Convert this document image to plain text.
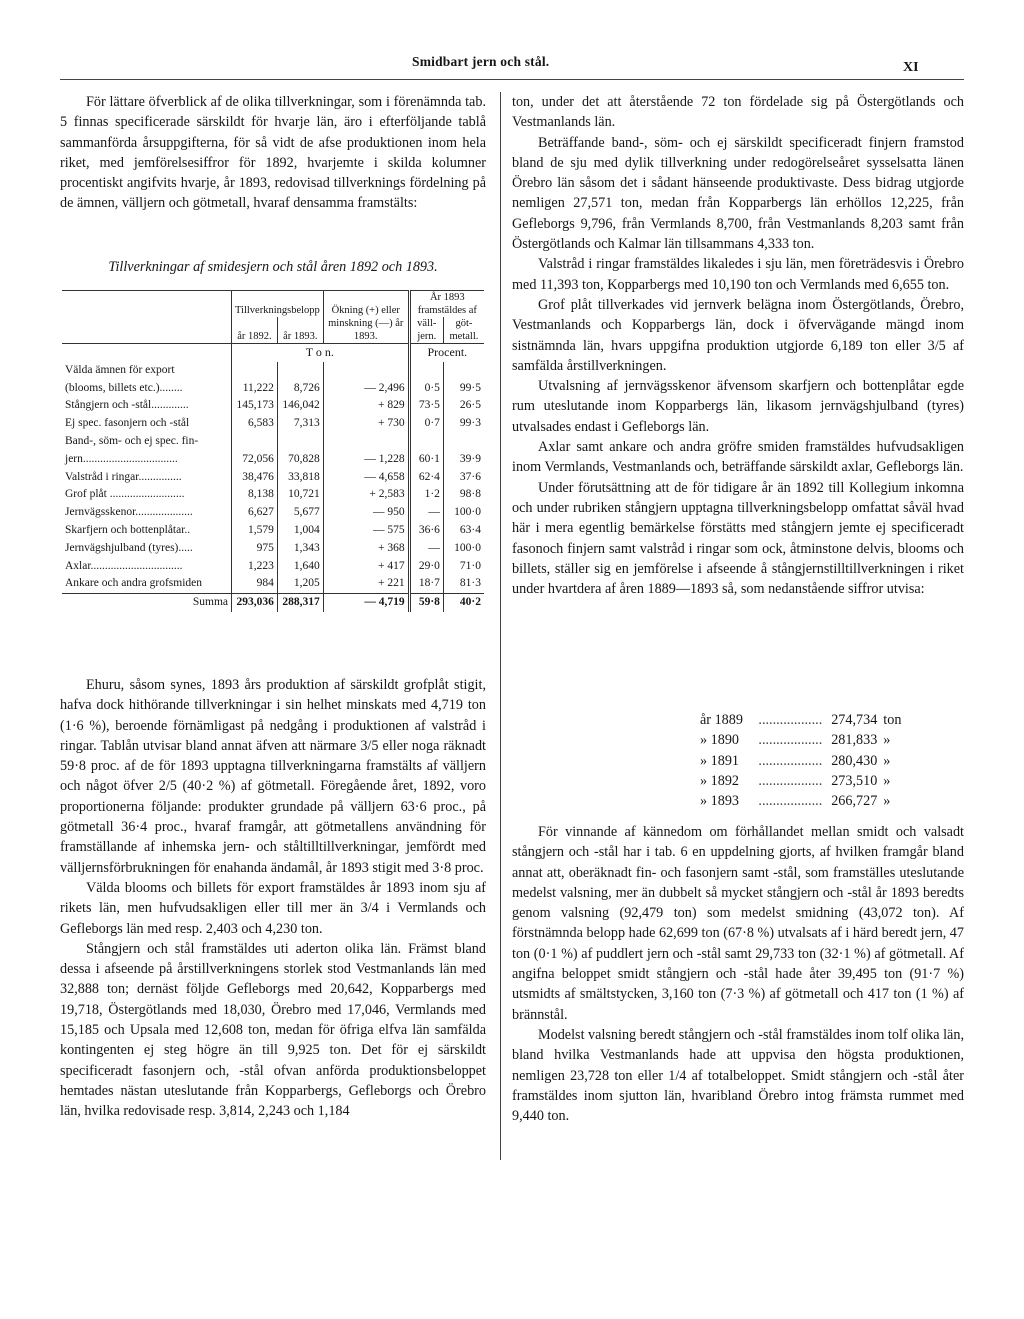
Smidbart jern och stål.	XI

För lättare öfverblick af de olika tillverkningar, som i förenämnda tab. 5 finnas specificerade särskildt för hvarje län, äro i efterföljande tablå sammanförda årsuppgifterna, för så vidt de afse produktionen inom hela riket, med jemförelsesiffror för 1892, hvarjemte i skilda kolumner procentiskt angifvits hvarje, år 1893, redovisad tillverknings fördelning på de ämnen, välljern och götmetall, hvaraf densamma framstälts:

Tillverkningar af smidesjern och stål åren 1892 och 1893.
	Tillverkningsbelopp		Ökning (+) eller minskning (—) år 1893.	År 1893 framstäldes af	
	år 1892.	år 1893.		väll-jern.	göt-metall.
	T o n.			Procent.	
Välda ämnen för export					
(blooms, billets etc.)........	11,222	8,726	— 2,496	0·5	99·5
Stångjern och -stål.............	145,173	146,042	+ 829	73·5	26·5
Ej spec. fasonjern och -stål	6,583	7,313	+ 730	0·7	99·3
Band-, söm- och ej spec. fin-					
jern.................................	72,056	70,828	— 1,228	60·1	39·9
Valstråd i ringar...............	38,476	33,818	— 4,658	62·4	37·6
Grof plåt ..........................	8,138	10,721	+ 2,583	1·2	98·8
Jernvägsskenor....................	6,627	5,677	— 950	—	100·0
Skarfjern och bottenplåtar..	1,579	1,004	— 575	36·6	63·4
Jernvägshjulband (tyres).....	975	1,343	+ 368	—	100·0
Axlar................................	1,223	1,640	+ 417	29·0	71·0
Ankare och andra grofsmiden	984	1,205	+ 221	18·7	81·3
Summa	293,036	288,317	— 4,719	59·8	40·2

Ehuru, såsom synes, 1893 års produktion af särskildt grofplåt stigit, hafva dock hithörande tillverkningar i sin helhet minskats med 4,719 ton (1·6 %), beroende förnämligast på nedgång i produktionen af valstråd i ringar. Tablån utvisar bland annat äfven att närmare 3/5 eller noga räknadt 59·8 proc. af de för 1893 upptagna tillverkningarna framstälts af välljern och något öfver 2/5 (40·2 %) af götmetall. Föregående året, 1892, voro proportionerna följande: produkter grundade på välljern 63·6 proc., på götmetall 36·4 proc., hvaraf framgår, att götmetallens användning för framställande af inhemska jern- och ståltilltillverkningar, jemfördt med välljernsförbrukningen för enahanda ändamål, år 1893 stigit med 3·8 proc.

Välda blooms och billets för export framstäldes år 1893 inom sju af rikets län, men hufvudsakligen eller till mer än 3/4 i Vermlands och Gefleborgs län med resp. 2,403 och 4,230 ton.

Stångjern och stål framstäldes uti aderton olika län. Främst bland dessa i afseende på årstillverkningens storlek stod Vestmanlands län med 32,888 ton; dernäst följde Gefleborgs med 20,642, Kopparbergs med 19,718, Östergötlands med 18,030, Örebro med 17,046, Vermlands med 15,185 och Upsala med 12,608 ton, medan för öfriga elfva län samfälda kontingenten ej steg högre än till 9,925 ton. Det för ej särskildt specificeradt fasonjern och, -stål ofvan anförda produktionsbeloppet hemtades nästan uteslutande från Kopparbergs, Gefleborgs och Örebro län, hvilka redovisade resp. 3,814, 2,243 och 1,184

ton, under det att återstående 72 ton fördelade sig på Östergötlands och Vestmanlands län.

Beträffande band-, söm- och ej särskildt specificeradt finjern framstod bland de sju med dylik tillverkning under redogörelseåret sysselsatta länen Örebro län såsom det i sådant hänseende produktivaste. Dess bidrag utgjorde nemligen 27,571 ton, medan från Kopparbergs län erhöllos 12,225, från Gefleborgs 9,796, från Vermlands 8,700, från Vestmanlands 8,203 samt från Östergötlands och Kalmar län tillsammans 4,333 ton.

Valstråd i ringar framstäldes likaledes i sju län, men företrädesvis i Örebro med 11,393 ton, Kopparbergs med 10,190 ton och Vermlands med 6,655 ton.

Grof plåt tillverkades vid jernverk belägna inom Östergötlands, Örebro, Vestmanlands och Kopparbergs län, dock i öfvervägande mängd inom sistnämnda län, hvars uppgifna produktion utgjorde 6,189 ton eller 3/5 af samfälda årstillverkningen.

Utvalsning af jernvägsskenor äfvensom skarfjern och bottenplåtar egde rum uteslutande inom Kopparbergs län, likasom jernvägshjulband (tyres) utvalsades endast i Gefleborgs län.

Axlar samt ankare och andra gröfre smiden framstäldes hufvudsakligen inom Vermlands, Vestmanlands och, beträffande särskildt axlar, Gefleborgs län.

Under förutsättning att de för tidigare år än 1892 till Kollegium inkomna och under rubriken stångjern upptagna tillverkningsbelopp omfattat såväl hvad här i mera egentlig bemärkelse förstätts med stångjern jemte ej specificeradt fasonoch finjern samt valstråd i ringar som ock, åtminstone delvis, blooms och billets, ställer sig en jemförelse i afseende å stångjernstilltillverkningen i riket under hvartdera af åren 1889—1893 så, som nedanstående siffror utvisa:

år 1889	.................. 274,734 ton
» 1890	.................. 281,833 »
» 1891	.................. 280,430 »
» 1892	.................. 273,510 »
» 1893	.................. 266,727 »

För vinnande af kännedom om förhållandet mellan smidt och valsadt stångjern och -stål har i tab. 6 en uppdelning gjorts, af hvilken framgår bland annat att, oberäknadt fin- och fasonjern samt -stål, som framställes uteslutande medelst valsning, mer än dubbelt så mycket stångjern och -stål år 1893 beredts genom valsning (92,479 ton) som medelst smidning (43,072 ton). Af förstnämnda belopp hade 62,699 ton (67·8 %) utvalsats af i härd beredt jern, 47 ton (0·1 %) af puddlert jern och -stål samt 29,733 ton (32·1 %) af götmetall. Af angifna beloppet smidt stångjern och -stål hade åter 39,495 ton (91·7 %) utsmidts af smältstycken, 3,160 ton (7·3 %) af götmetall och 417 ton (1 %) af brännstål.

Modelst valsning beredt stångjern och -stål framstäldes inom tolf olika län, bland hvilka Vestmanlands hade att uppvisa den högsta produktionen, nemligen 23,728 ton eller 1/4 af totalbeloppet. Smidt stångjern och -stål åter framstäldes inom sjutton län, hvaribland Örebro intog främsta rummet med 9,440 ton.
